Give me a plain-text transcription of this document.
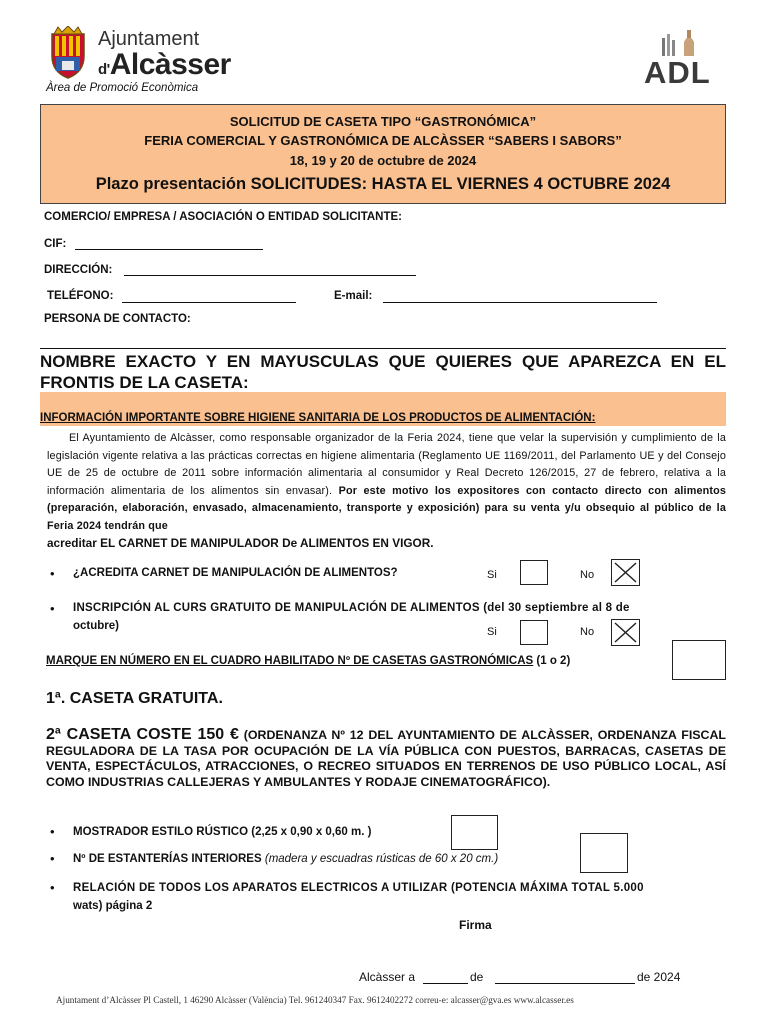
Ajuntament
d'Alcàsser
Àrea de Promoció Econòmica	ADL
SOLICITUD DE CASETA TIPO “GASTRONÓMICA”
FERIA COMERCIAL Y GASTRONÓMICA DE ALCÀSSER “SABERS I SABORS”
18, 19 y 20 de octubre de 2024
Plazo presentación SOLICITUDES: HASTA EL VIERNES 4 OCTUBRE 2024
COMERCIO/ EMPRESA / ASOCIACIÓN O ENTIDAD SOLICITANTE:
CIF:
DIRECCIÓN:
TELÉFONO:	E-mail:
PERSONA DE CONTACTO:
NOMBRE EXACTO Y EN MAYUSCULAS QUE QUIERES QUE APAREZCA EN EL FRONTIS DE LA CASETA:
INFORMACIÓN IMPORTANTE SOBRE HIGIENE SANITARIA DE LOS PRODUCTOS DE ALIMENTACIÓN:
El Ayuntamiento de Alcàsser, como responsable organizador de la Feria 2024, tiene que velar la supervisión y cumplimiento de la legislación vigente relativa a las prácticas correctas en higiene alimentaria (Reglamento UE 1169/2011, del Parlamento UE y del Consejo UE de 25 de octubre de 2011 sobre información alimentaria al consumidor y Real Decreto 126/2015, 27 de febrero, relativa a la información alimentaria de los alimentos sin envasar). Por este motivo los expositores con contacto directo con alimentos (preparación, elaboración, envasado, almacenamiento, transporte y exposición) para su venta y/u obsequio al público de la Feria 2024 tendrán que
acreditar EL CARNET DE MANIPULADOR De ALIMENTOS EN VIGOR.
• ¿ACREDITA CARNET DE MANIPULACIÓN DE ALIMENTOS?	Si	No
• INSCRIPCIÓN AL CURS GRATUITO DE MANIPULACIÓN DE ALIMENTOS (del 30 septiembre al 8 de
octubre)	Si	No
MARQUE EN NÚMERO EN EL CUADRO HABILITADO Nº DE CASETAS GASTRONÓMICAS (1 o 2)
1ª. CASETA GRATUITA.
2ª CASETA COSTE 150 € (ORDENANZA Nº 12 DEL AYUNTAMIENTO DE ALCÀSSER, ORDENANZA FISCAL REGULADORA DE LA TASA POR OCUPACIÓN DE LA VÍA PÚBLICA CON PUESTOS, BARRACAS, CASETAS DE VENTA, ESPECTÁCULOS, ATRACCIONES, O RECREO SITUADOS EN TERRENOS DE USO PÚBLICO LOCAL, ASÍ COMO INDUSTRIAS CALLEJERAS Y AMBULANTES Y RODAJE CINEMATOGRÁFICO).
• MOSTRADOR ESTILO RÚSTICO (2,25 x 0,90 x 0,60 m. )
• Nº DE ESTANTERÍAS INTERIORES (madera y escuadras rústicas de 60 x 20 cm.)
• RELACIÓN DE TODOS LOS APARATOS ELECTRICOS A UTILIZAR (POTENCIA MÁXIMA TOTAL 5.000
wats) página 2
Firma
Alcàsser a	de	de 2024
Ajuntament d’Alcàsser Pl Castell, 1 46290 Alcàsser (València) Tel. 961240347 Fax. 9612402272 correu-e: alcasser@gva.es www.alcasser.es
